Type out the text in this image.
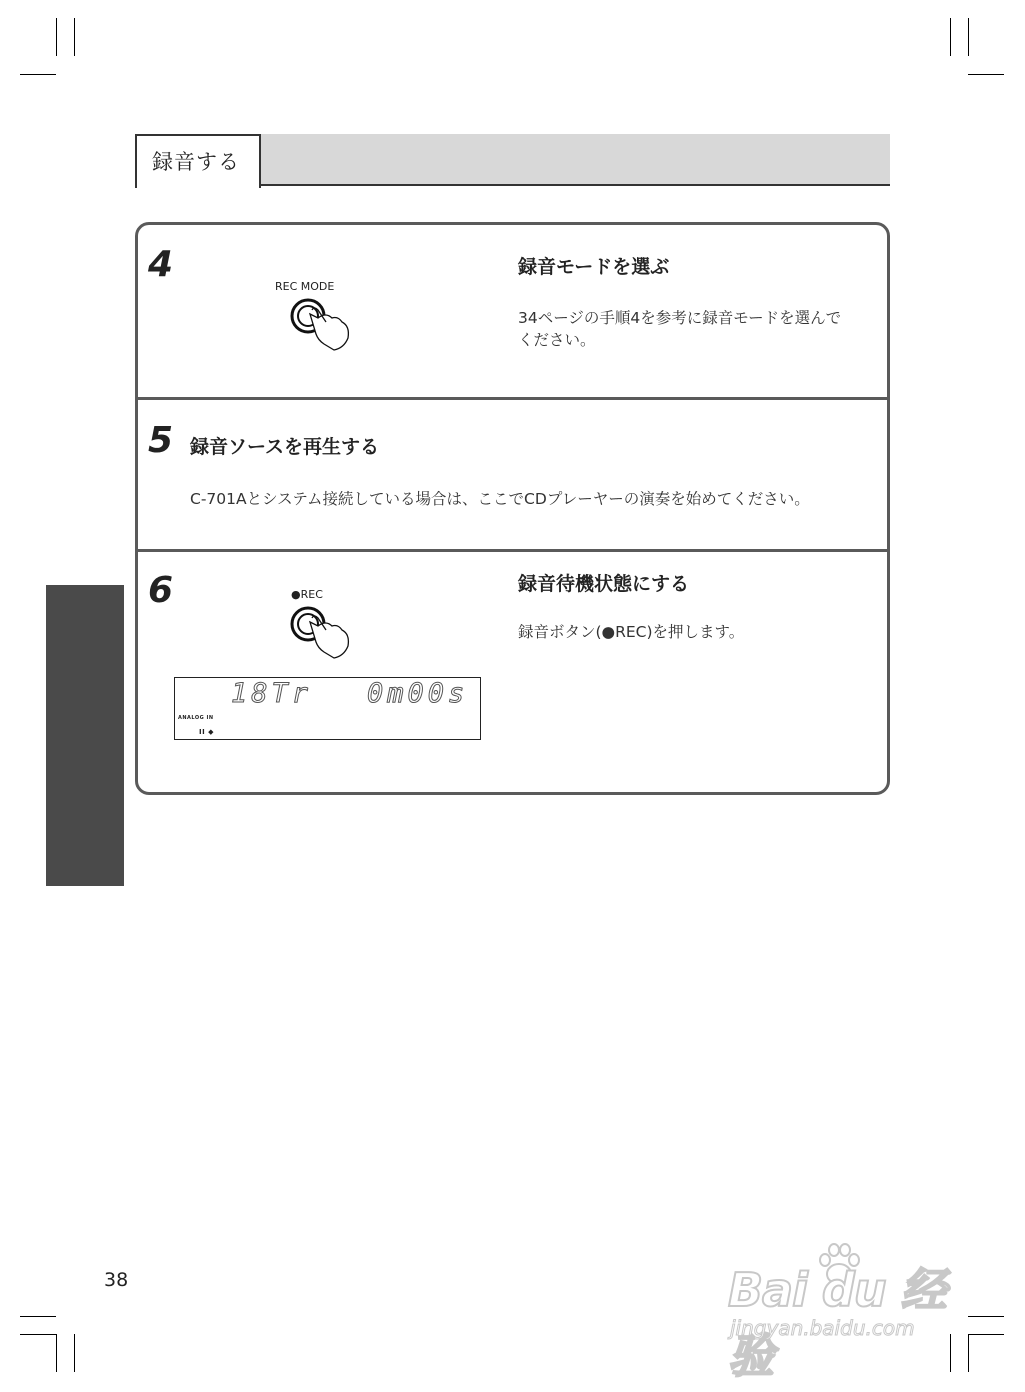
録音する
4
REC MODE
録音モードを選ぶ
34ページの手順4を参考に録音モードを選んで
ください。
5 録音ソースを再生する
C-701Aとシステム接続している場合は、ここでCDプレーヤーの演奏を始めてください。
6	●REC	録音待機状態にする
録音ボタン(●REC)を押します。
18Tr 0m00s
ANALOG IN
II ◆
38	Bai du 经验
jingyan.baidu.com
